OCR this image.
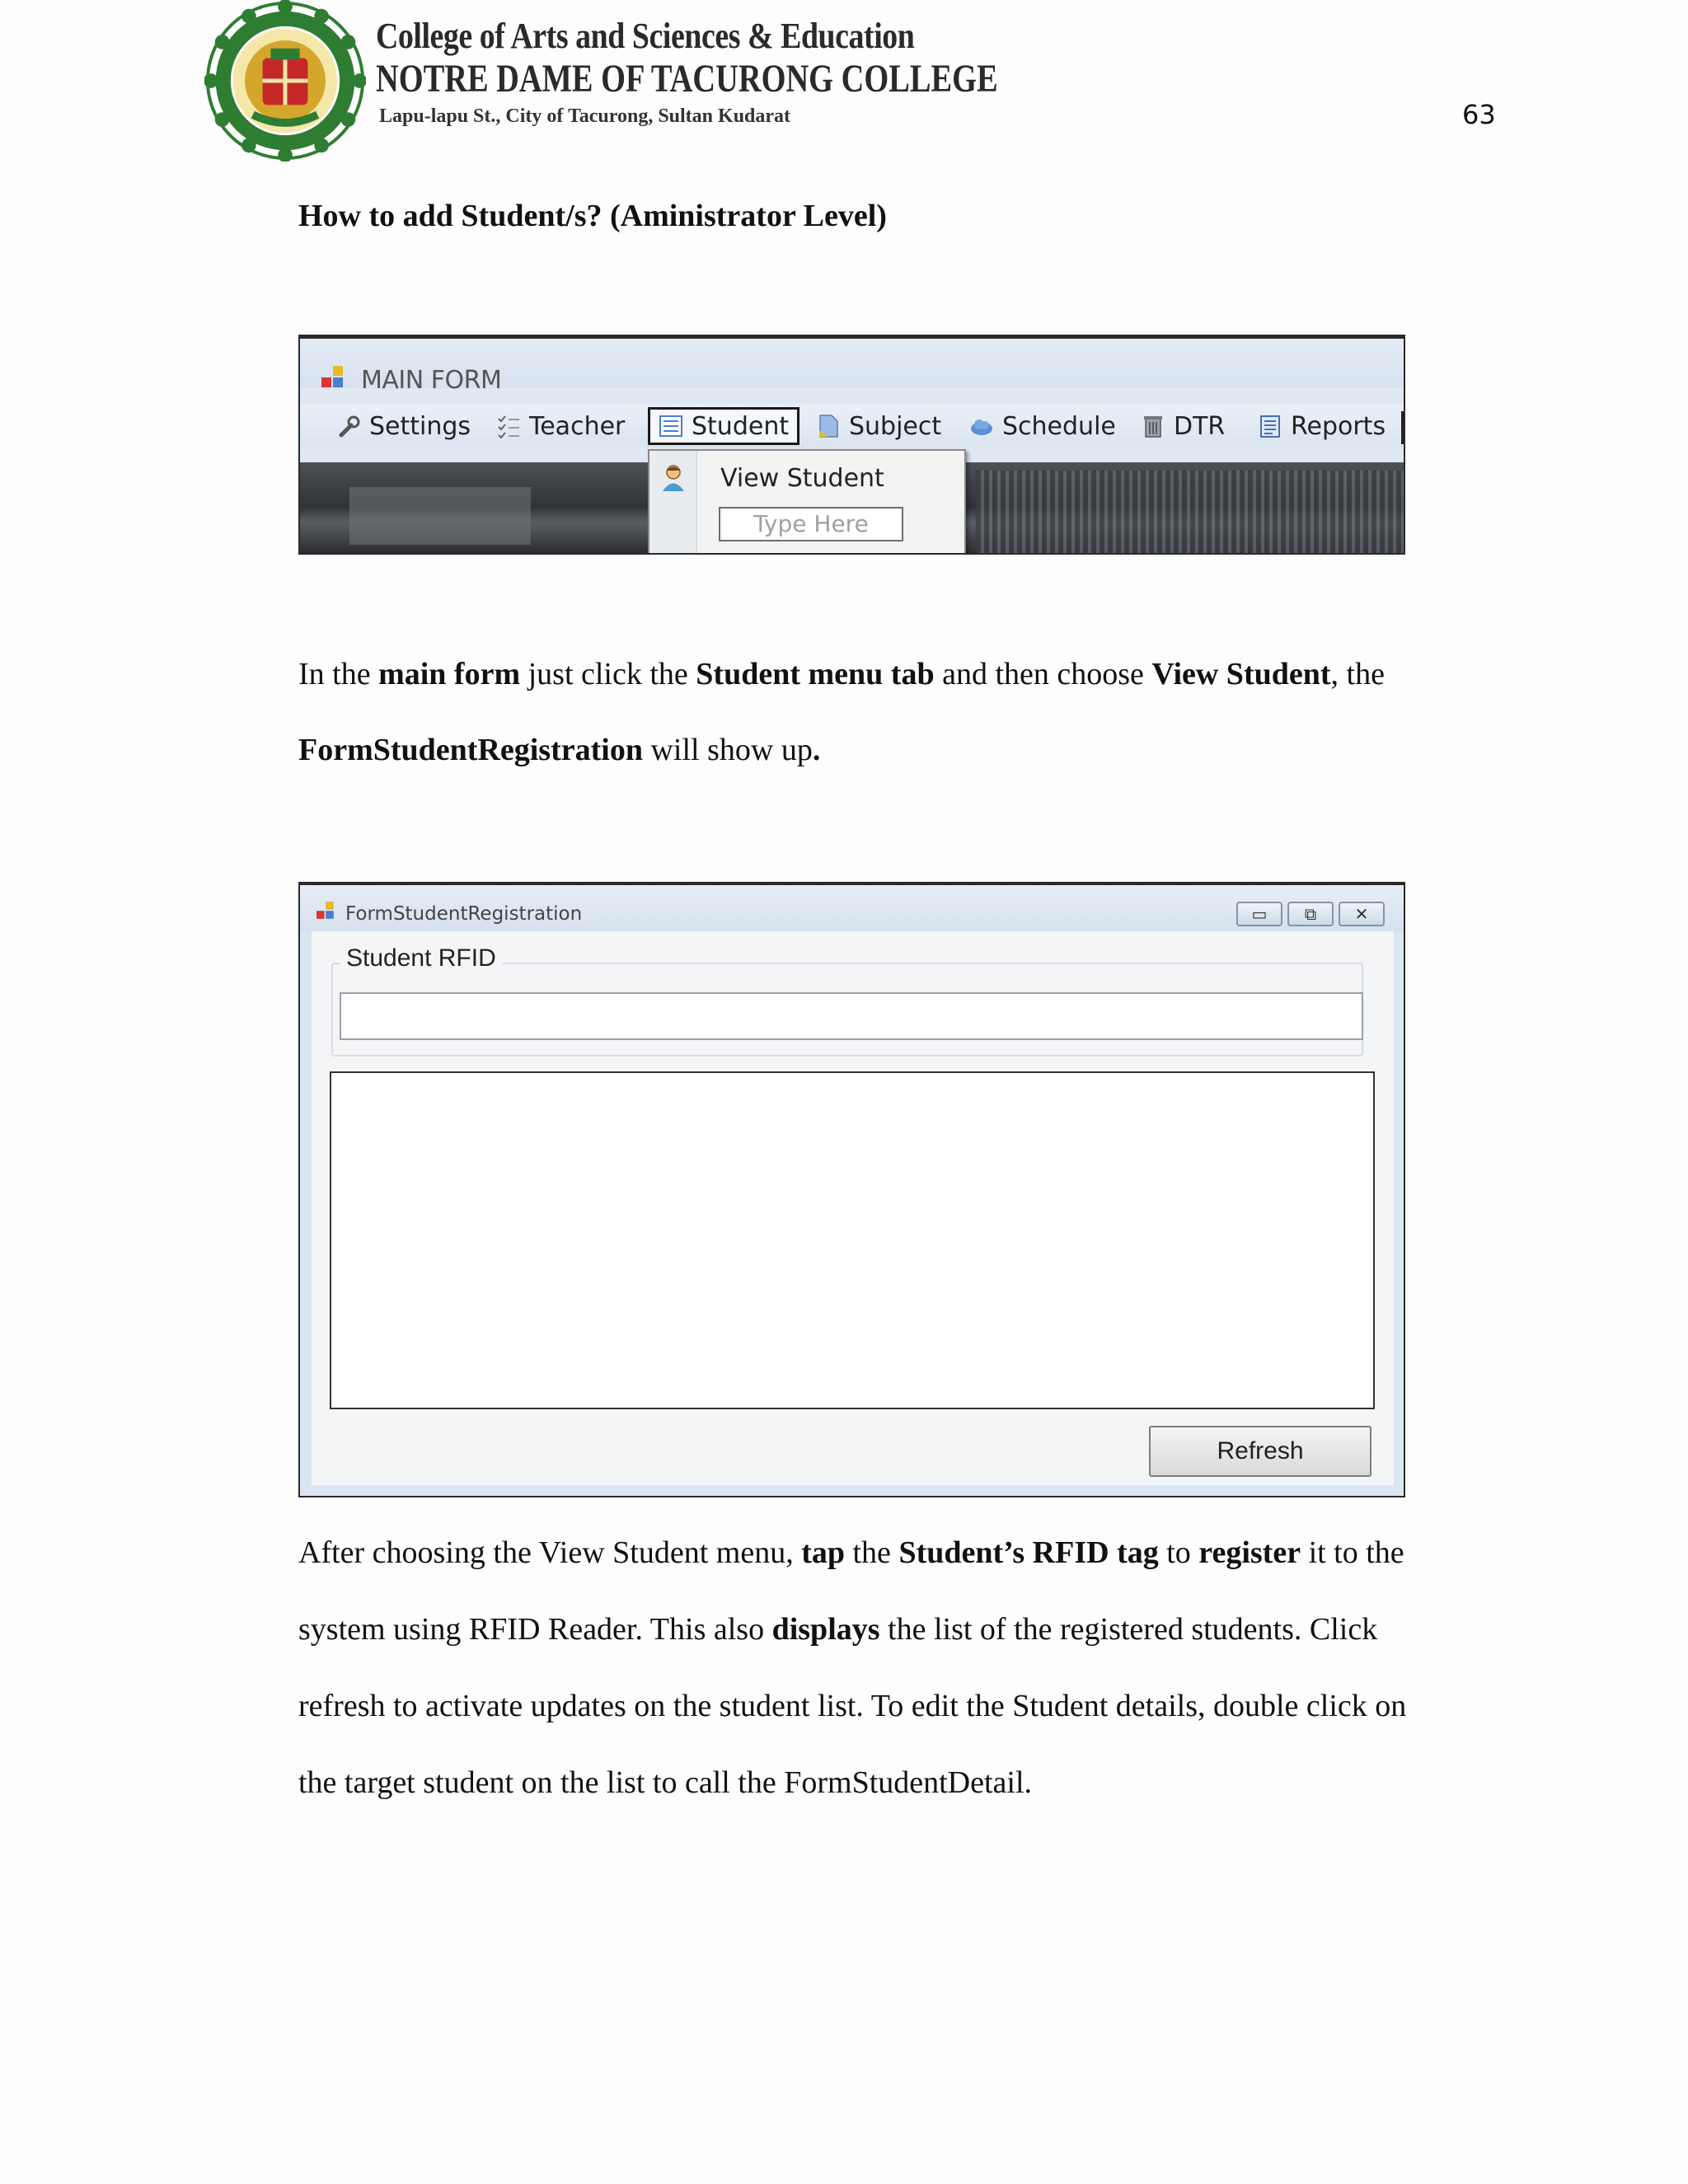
College of Arts and Sciences & Education
NOTRE DAME OF TACURONG COLLEGE
Lapu-lapu St., City of Tacurong, Sultan Kudarat	63
How to add Student/s? (Aministrator Level)
MAIN FORM
Settings Teacher	Student Subject Schedule DTR	Reports
View Student
Type Here
In the main form just click the Student menu tab and then choose View Student, the
FormStudentRegistration will show up.
FormStudentRegistration	▭	⧉	✕
Student RFID
Refresh
After choosing the View Student menu, tap the Student’s RFID tag to register it to the
system using RFID Reader. This also displays the list of the registered students. Click
refresh to activate updates on the student list. To edit the Student details, double click on
the target student on the list to call the FormStudentDetail.
